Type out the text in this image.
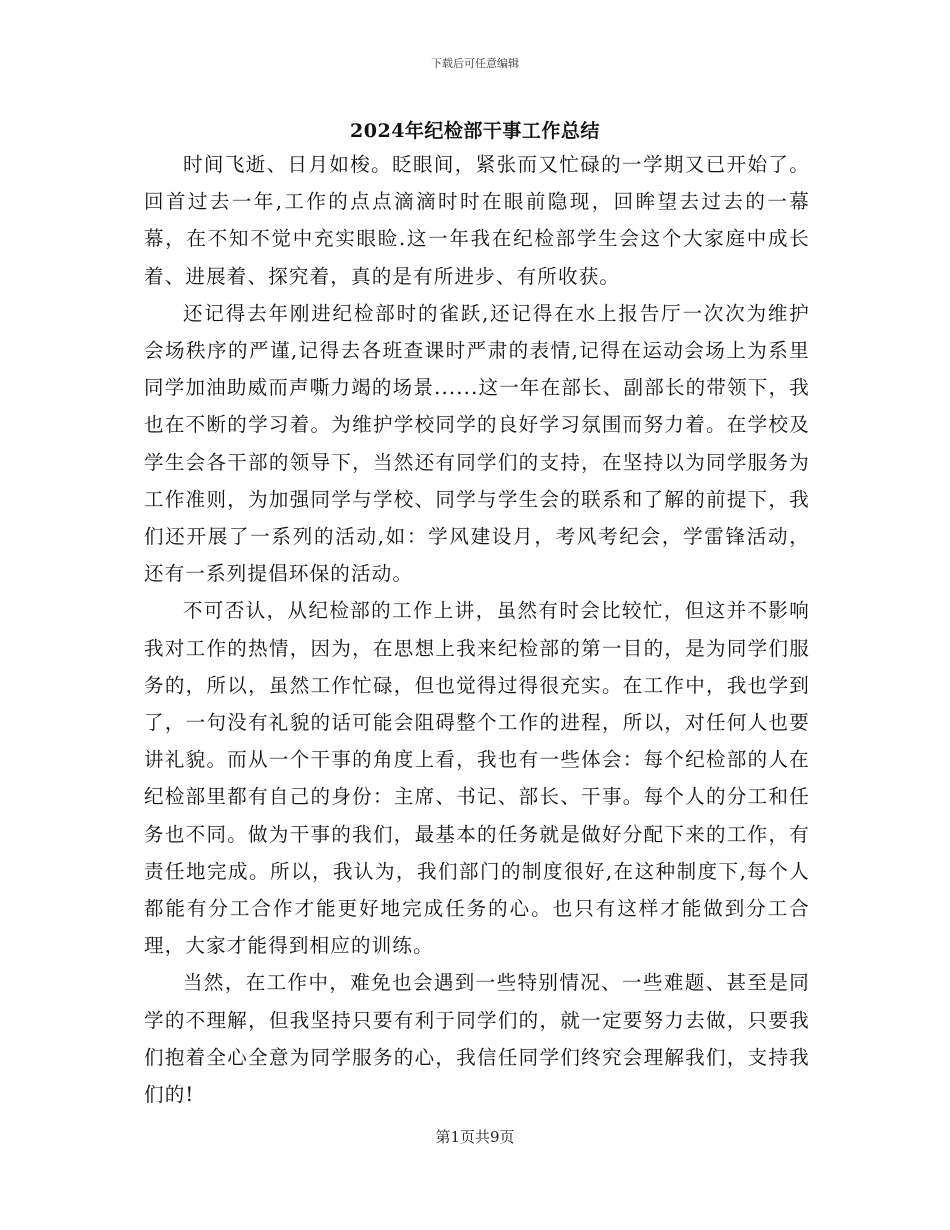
下载后可任意编辑
2024年纪检部干事工作总结

时间飞逝、日月如梭。眨眼间，紧张而又忙碌的一学期又已开始了。回首过去一年,工作的点点滴滴时时在眼前隐现，回眸望去过去的一幕幕，在不知不觉中充实眼睑.这一年我在纪检部学生会这个大家庭中成长着、进展着、探究着，真的是有所进步、有所收获。

还记得去年刚进纪检部时的雀跃,还记得在水上报告厅一次次为维护会场秩序的严谨,记得去各班查课时严肃的表情,记得在运动会场上为系里同学加油助威而声嘶力竭的场景......这一年在部长、副部长的带领下，我也在不断的学习着。为维护学校同学的良好学习氛围而努力着。在学校及学生会各干部的领导下，当然还有同学们的支持，在坚持以为同学服务为工作准则，为加强同学与学校、同学与学生会的联系和了解的前提下，我们还开展了一系列的活动,如：学风建设月，考风考纪会，学雷锋活动，还有一系列提倡环保的活动。

不可否认，从纪检部的工作上讲，虽然有时会比较忙，但这并不影响我对工作的热情，因为，在思想上我来纪检部的第一目的，是为同学们服务的，所以，虽然工作忙碌，但也觉得过得很充实。在工作中，我也学到了，一句没有礼貌的话可能会阻碍整个工作的进程，所以，对任何人也要讲礼貌。而从一个干事的角度上看，我也有一些体会：每个纪检部的人在纪检部里都有自己的身份：主席、书记、部长、干事。每个人的分工和任务也不同。做为干事的我们，最基本的任务就是做好分配下来的工作，有责任地完成。所以，我认为，我们部门的制度很好,在这种制度下,每个人都能有分工合作才能更好地完成任务的心。也只有这样才能做到分工合理，大家才能得到相应的训练。

当然，在工作中，难免也会遇到一些特别情况、一些难题、甚至是同学的不理解，但我坚持只要有利于同学们的，就一定要努力去做，只要我们抱着全心全意为同学服务的心，我信任同学们终究会理解我们，支持我们的!

第1页共9页
